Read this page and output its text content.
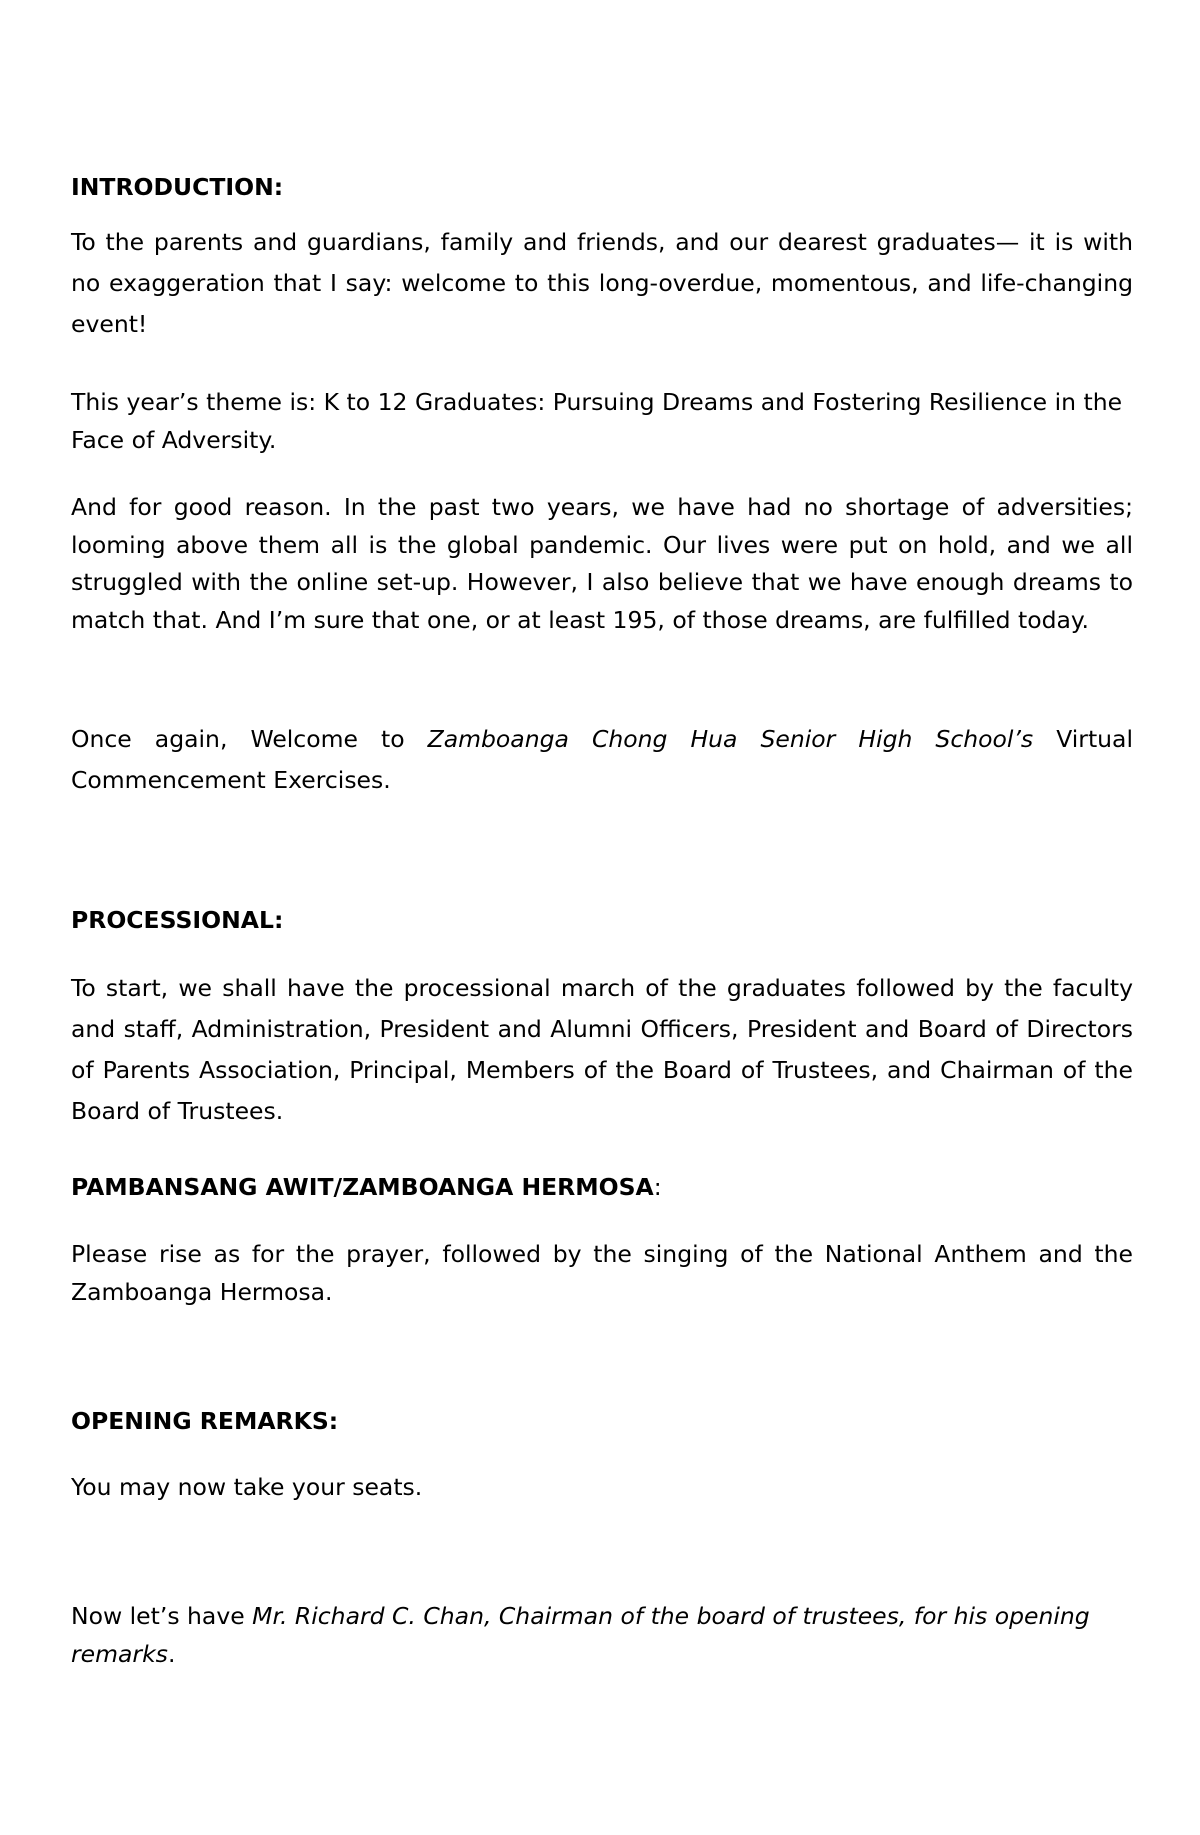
INTRODUCTION:

To the parents and guardians, family and friends, and our dearest graduates— it is with no exaggeration that I say: welcome to this long-overdue, momentous, and life-changing event!

This year’s theme is: K to 12 Graduates: Pursuing Dreams and Fostering Resilience in the Face of Adversity.

And for good reason. In the past two years, we have had no shortage of adversities; looming above them all is the global pandemic. Our lives were put on hold, and we all struggled with the online set-up. However, I also believe that we have enough dreams to match that. And I’m sure that one, or at least 195, of those dreams, are fulfilled today.

Once again, Welcome to Zamboanga Chong Hua Senior High School’s Virtual Commencement Exercises.

PROCESSIONAL:

To start, we shall have the processional march of the graduates followed by the faculty and staff, Administration, President and Alumni Officers, President and Board of Directors of Parents Association, Principal, Members of the Board of Trustees, and Chairman of the Board of Trustees.

PAMBANSANG AWIT/ZAMBOANGA HERMOSA:

Please rise as for the prayer, followed by the singing of the National Anthem and the Zamboanga Hermosa.

OPENING REMARKS:

You may now take your seats.

Now let’s have Mr. Richard C. Chan, Chairman of the board of trustees, for his opening remarks.
